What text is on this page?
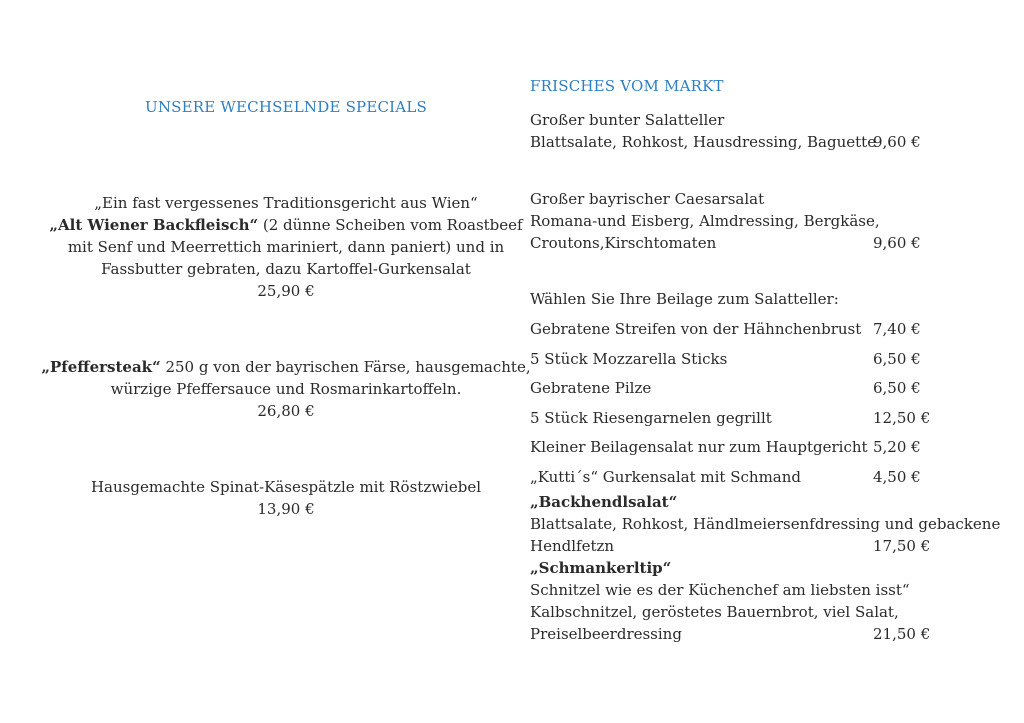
UNSERE WECHSELNDE SPECIALS
„Ein fast vergessenes Traditionsgericht aus Wien“
„Alt Wiener Backfleisch“ (2 dünne Scheiben vom Roastbeef
mit Senf und Meerrettich mariniert, dann paniert) und in
Fassbutter gebraten, dazu Kartoffel-Gurkensalat
25,90 €
„Pfeffersteak“ 250 g von der bayrischen Färse, hausgemachte,
würzige Pfeffersauce und Rosmarinkartoffeln.
26,80 €
Hausgemachte Spinat-Käsespätzle mit Röstzwiebel
13,90 €
FRISCHES VOM MARKT
Großer bunter Salatteller
Blattsalate, Rohkost, Hausdressing, Baguette
9,60 €
Großer bayrischer Caesarsalat
Romana-und Eisberg, Almdressing, Bergkäse,
Croutons,Kirschtomaten	9,60 €
Wählen Sie Ihre Beilage zum Salatteller:
Gebratene Streifen von der Hähnchenbrust 7,40 €
5 Stück Mozzarella Sticks	6,50 €
Gebratene Pilze	6,50 €
5 Stück Riesengarnelen gegrillt	12,50 €
Kleiner Beilagensalat nur zum Hauptgericht 5,20 €
„Kutti´s“ Gurkensalat mit Schmand	4,50 €
„Backhendlsalat“
Blattsalate, Rohkost, Händlmeiersenfdressing und gebackene
Hendlfetzn	17,50 €
„Schmankerltip“
Schnitzel wie es der Küchenchef am liebsten isst“
Kalbschnitzel, geröstetes Bauernbrot, viel Salat,
Preiselbeerdressing	21,50 €
